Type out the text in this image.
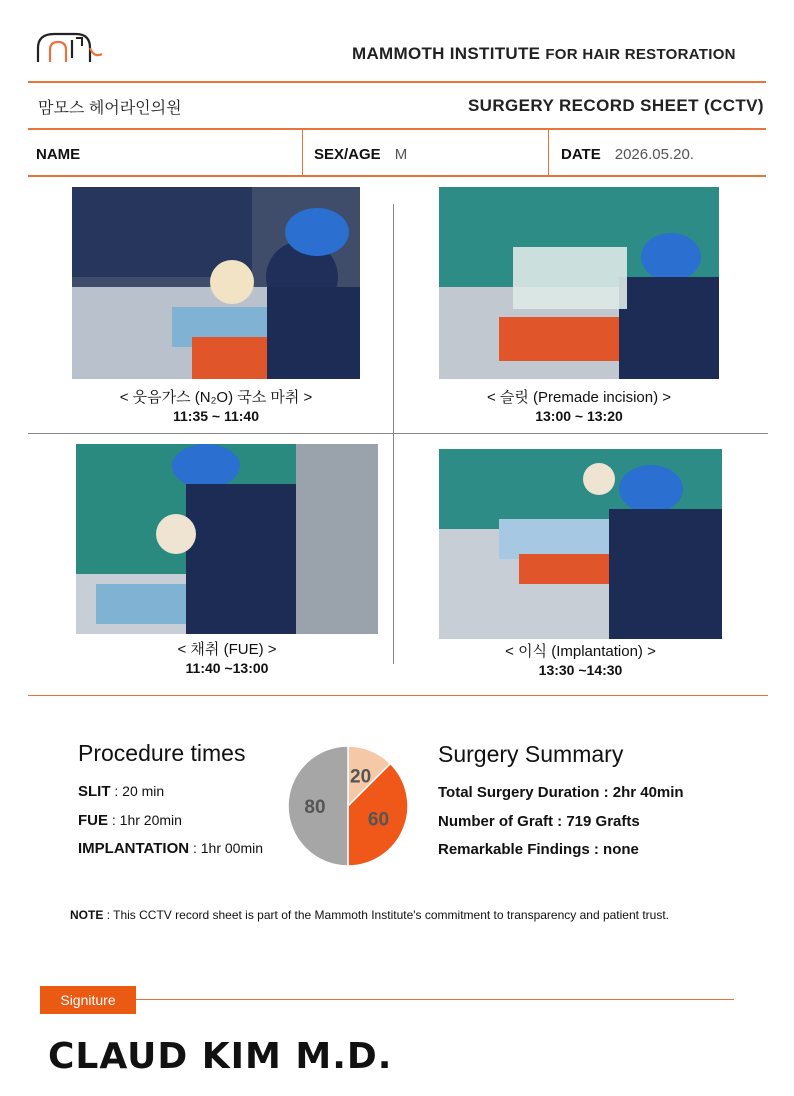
MAMMOTH INSTITUTE FOR HAIR RESTORATION
맘모스 헤어라인의원	SURGERY RECORD SHEET (CCTV)
NAME	SEX/AGE M	DATE 2026.05.20.
< 웃음가스 (N₂O) 국소 마취 >
11:35 ~ 11:40
< 슬릿 (Premade incision) >
13:00 ~ 13:20
< 채취 (FUE) >
11:40 ~13:00
< 이식 (Implantation) >
13:30 ~14:30
Procedure times
SLIT : 20 min
FUE : 1hr 20min
IMPLANTATION : 1hr 00min
20
60
80
Surgery Summary
Total Surgery Duration : 2hr 40min
Number of Graft : 719 Grafts
Remarkable Findings : none
NOTE : This CCTV record sheet is part of the Mammoth Institute's commitment to transparency and patient trust.
Signiture
CLAUD KIM M.D.
